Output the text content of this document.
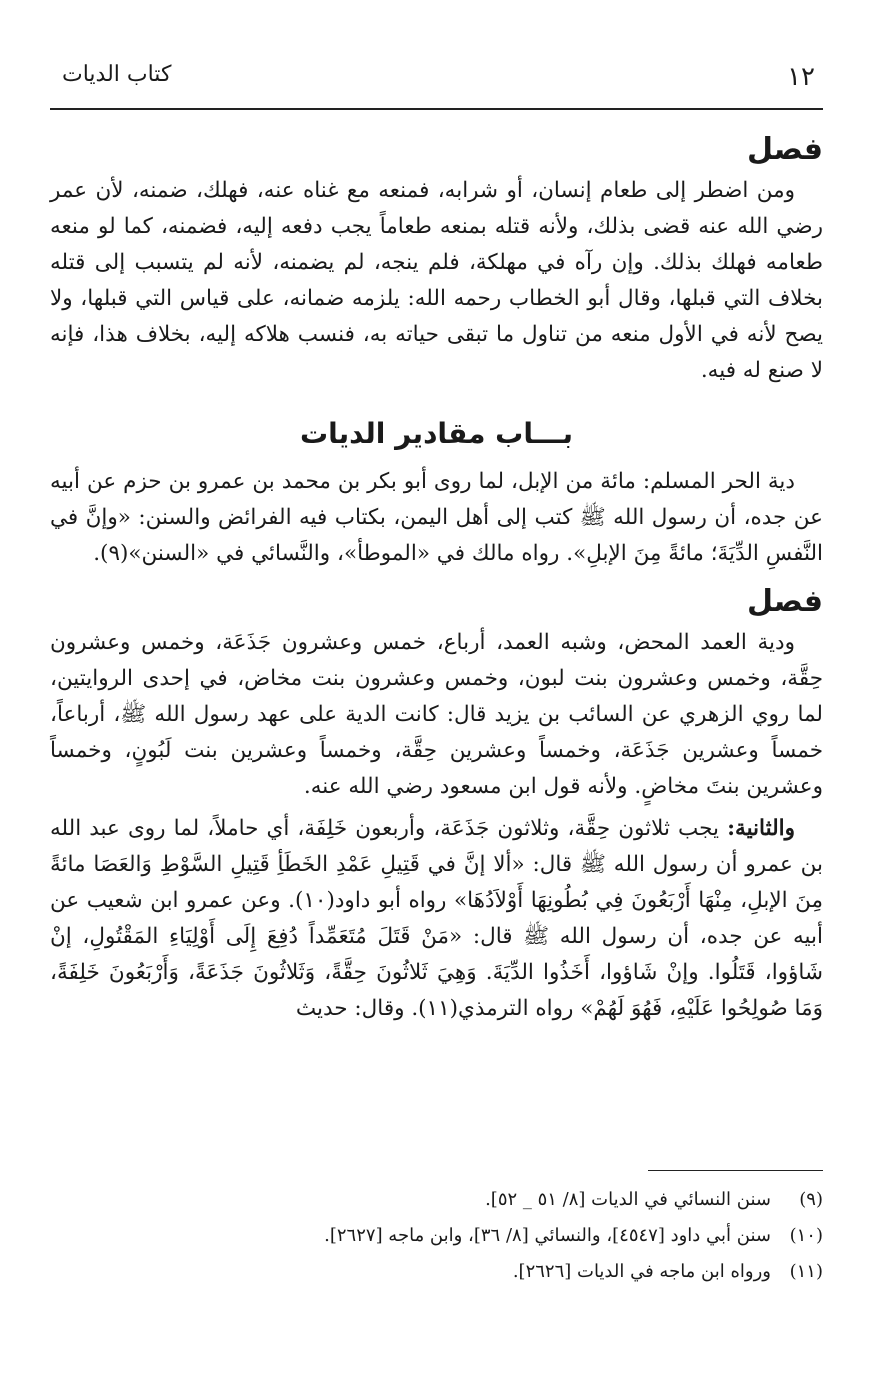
١٢
كتاب الديات
فصل

ومن اضطر إلى طعام إنسان، أو شرابه، فمنعه مع غناه عنه، فهلك، ضمنه، لأن عمر رضي الله عنه قضى بذلك، ولأنه قتله بمنعه طعاماً يجب دفعه إليه، فضمنه، كما لو منعه طعامه فهلك بذلك. وإن رآه في مهلكة، فلم ينجه، لم يضمنه، لأنه لم يتسبب إلى قتله بخلاف التي قبلها، وقال أبو الخطاب رحمه الله: يلزمه ضمانه، على قياس التي قبلها، ولا يصح لأنه في الأول منعه من تناول ما تبقى حياته به، فنسب هلاكه إليه، بخلاف هذا، فإنه لا صنع له فيه.

بـــاب مقادير الديات

دية الحر المسلم: مائة من الإبل، لما روى أبو بكر بن محمد بن عمرو بن حزم عن أبيه عن جده، أن رسول الله ﷺ كتب إلى أهل اليمن، بكتاب فيه الفرائض والسنن: «وإنَّ في النَّفسِ الدِّيَةَ؛ مائةً مِنَ الإبلِ». رواه مالك في «الموطأ»، والنَّسائي في «السنن»(٩).

فصل

ودية العمد المحض، وشبه العمد، أرباع، خمس وعشرون جَذَعَة، وخمس وعشرون حِقَّة، وخمس وعشرون بنت لبون، وخمس وعشرون بنت مخاض، في إحدى الروايتين، لما روي الزهري عن السائب بن يزيد قال: كانت الدية على عهد رسول الله ﷺ، أرباعاً، خمساً وعشرين جَذَعَة، وخمساً وعشرين حِقَّة، وخمساً وعشرين بنت لَبُونٍ، وخمساً وعشرين بنتَ مخاضٍ. ولأنه قول ابن مسعود رضي الله عنه.

والثانية: يجب ثلاثون حِقَّة، وثلاثون جَذَعَة، وأربعون خَلِفَة، أي حاملاً، لما روى عبد الله بن عمرو أن رسول الله ﷺ قال: «ألا إنَّ في قَتِيلِ عَمْدِ الخَطَأِ قَتِيلِ السَّوْطِ وَالعَصَا مائةً مِنَ الإبلِ، مِنْهَا أَرْبَعُونَ فِي بُطُونِهَا أَوْلاَدُهَا» رواه أبو داود(١٠). وعن عمرو ابن شعيب عن أبيه عن جده، أن رسول الله ﷺ قال: «مَنْ قَتَلَ مُتَعَمِّداً دُفِعَ إِلَى أَوْلِيَاءِ المَقْتُولِ، إنْ شَاؤوا، قَتَلُوا. وإنْ شَاؤوا، أَخَذُوا الدِّيَةَ. وَهِيَ ثَلاثُونَ حِقَّةً، وَثَلاثُونَ جَذَعَةً، وَأَرْبَعُونَ خَلِفَةً، وَمَا صُولِحُوا عَلَيْهِ، فَهُوَ لَهُمْ» رواه الترمذي(١١). وقال: حديث

(٩)سنن النسائي في الديات [٨/ ٥١ _ ٥٢].
(١٠)سنن أبي داود [٤٥٤٧]، والنسائي [٨/ ٣٦]، وابن ماجه [٢٦٢٧].
(١١)ورواه ابن ماجه في الديات [٢٦٢٦].
